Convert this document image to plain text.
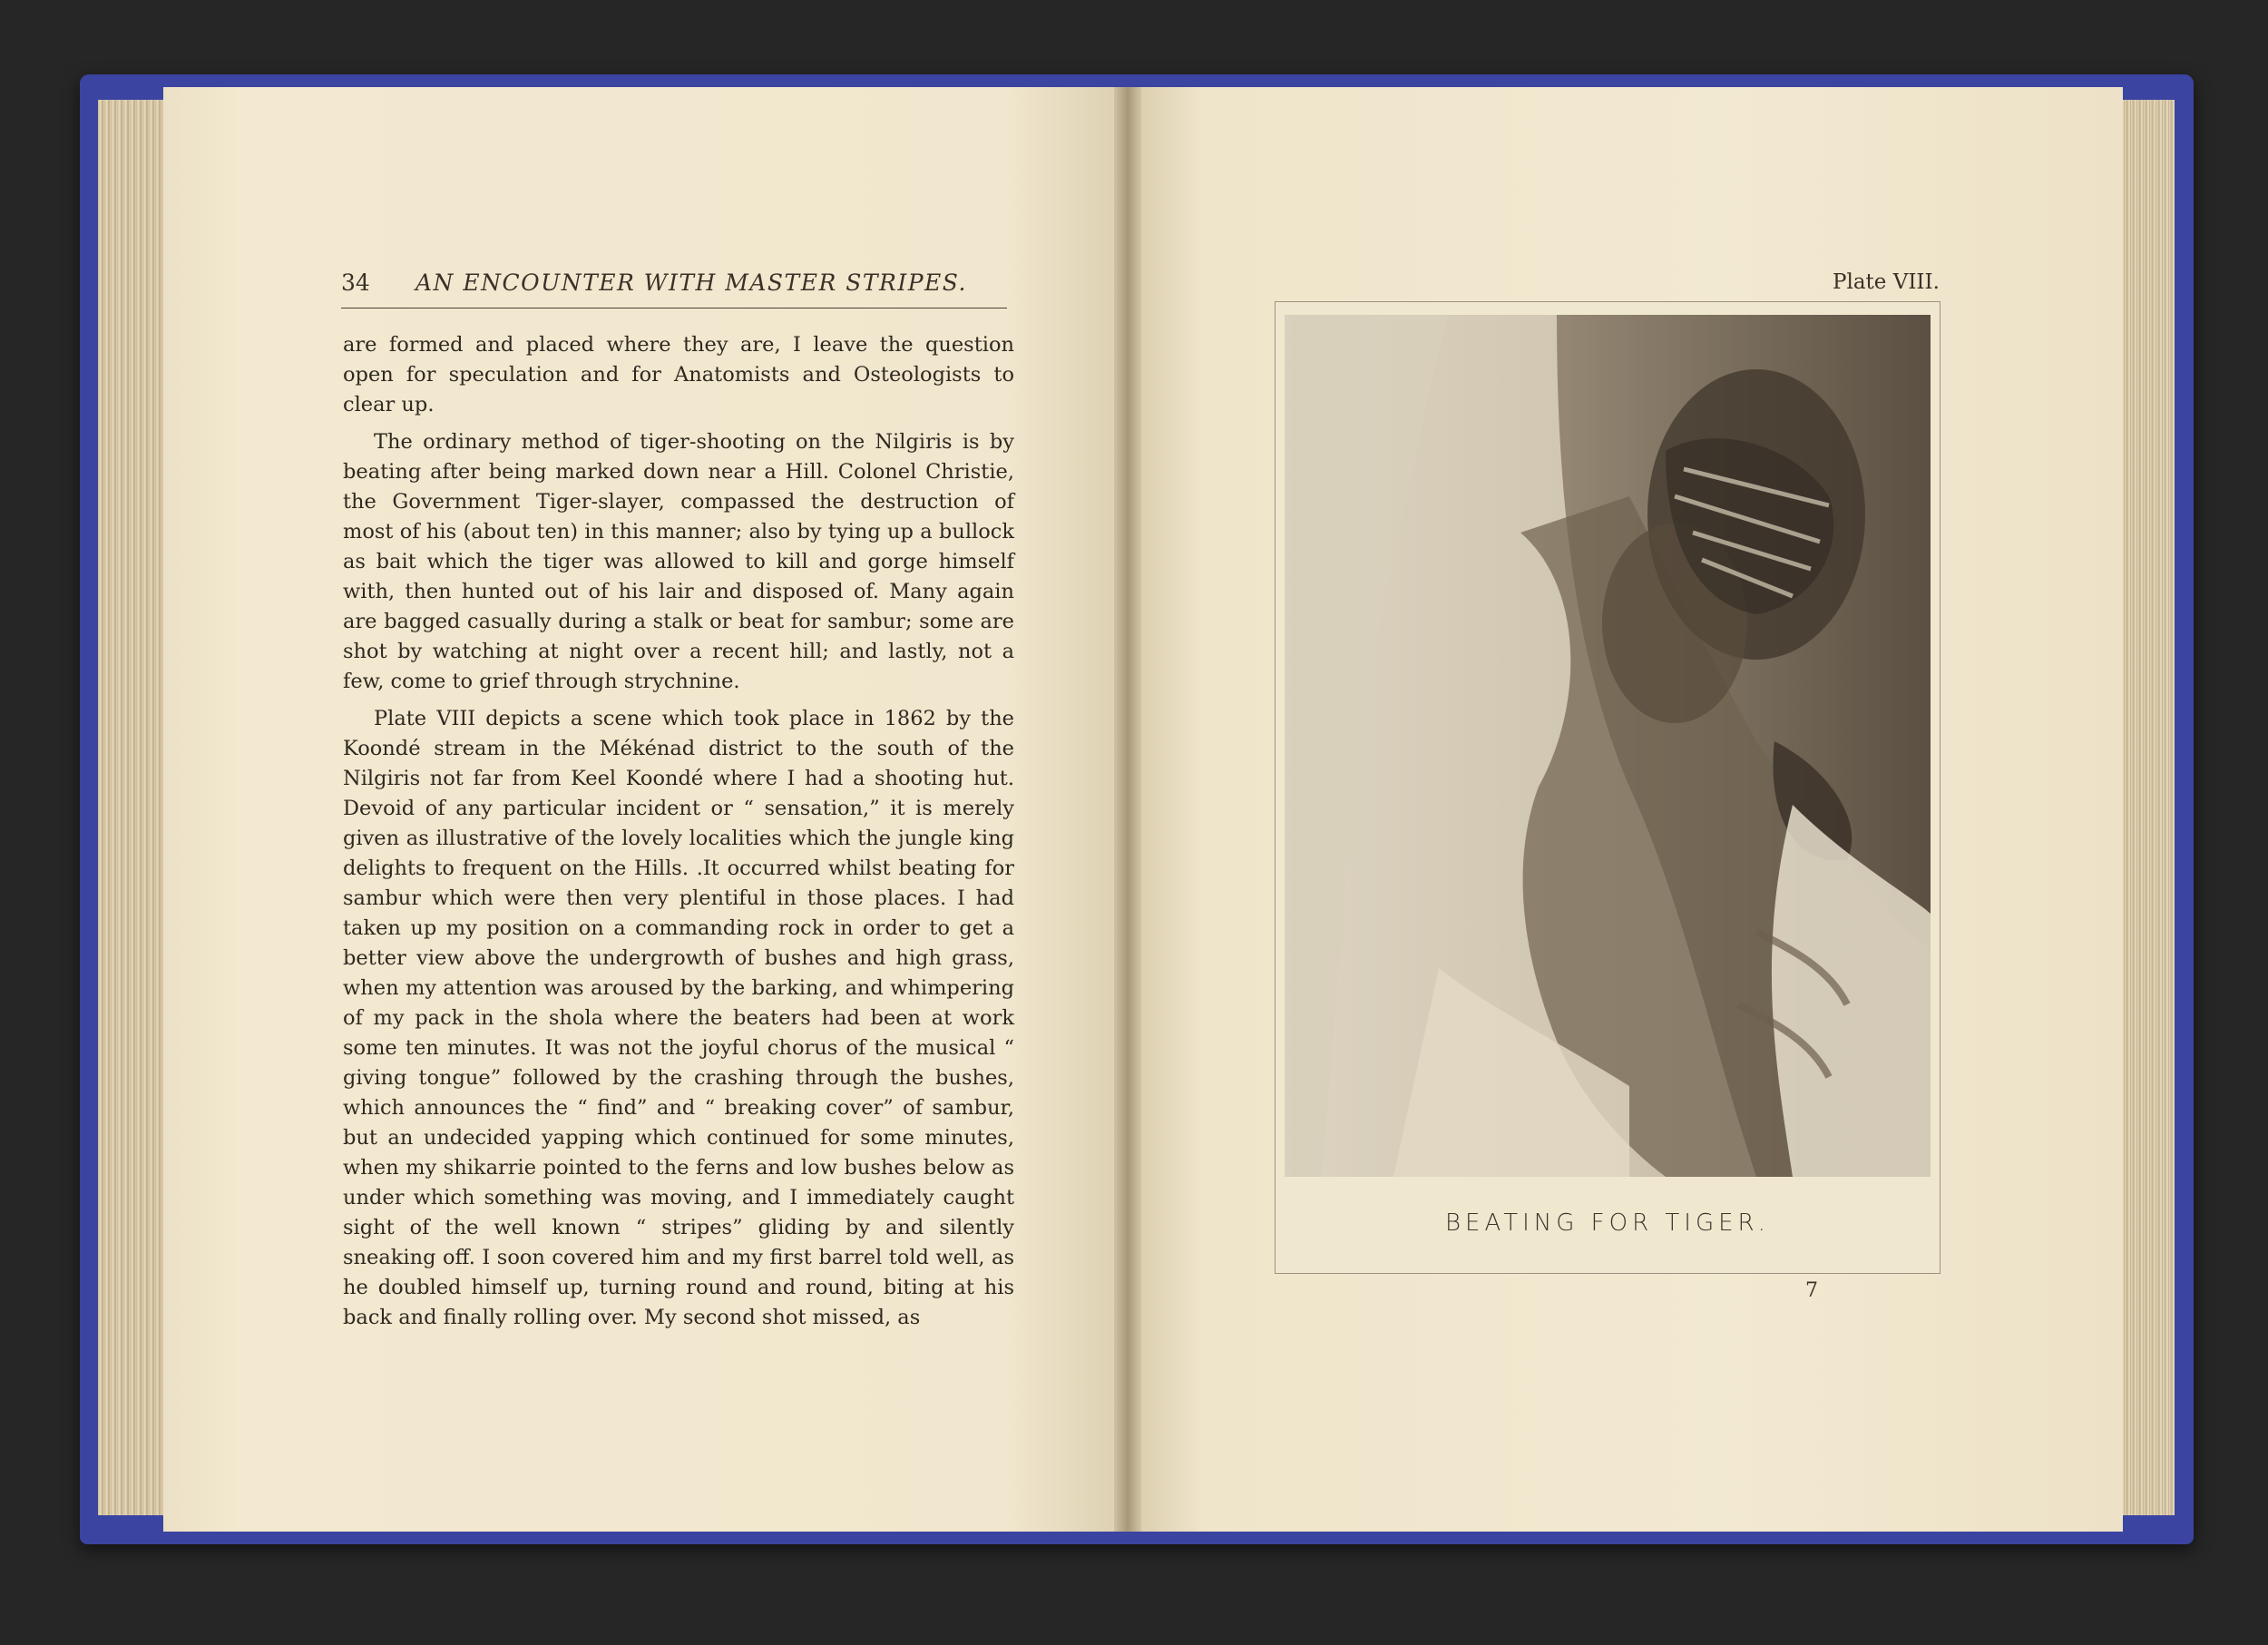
34 AN ENCOUNTER WITH MASTER STRIPES.

are formed and placed where they are, I leave the question open for speculation and for Anatomists and Osteologists to clear up.

The ordinary method of tiger-shooting on the Nilgiris is by beating after being marked down near a Hill. Colonel Christie, the Government Tiger-slayer, compassed the destruction of most of his (about ten) in this manner; also by tying up a bullock as bait which the tiger was allowed to kill and gorge himself with, then hunted out of his lair and disposed of. Many again are bagged casually during a stalk or beat for sambur; some are shot by watching at night over a recent hill; and lastly, not a few, come to grief through strychnine.

Plate VIII depicts a scene which took place in 1862 by the Koondé stream in the Mékénad district to the south of the Nilgiris not far from Keel Koondé where I had a shooting hut. Devoid of any particular incident or “ sensation,” it is merely given as illustrative of the lovely localities which the jungle king delights to frequent on the Hills. .It occurred whilst beating for sambur which were then very plentiful in those places. I had taken up my position on a commanding rock in order to get a better view above the undergrowth of bushes and high grass, when my attention was aroused by the barking, and whimpering of my pack in the shola where the beaters had been at work some ten minutes. It was not the joyful chorus of the musical “ giving tongue” followed by the crashing through the bushes, which announces the “ find” and “ breaking cover” of sambur, but an undecided yapping which continued for some minutes, when my shikarrie pointed to the ferns and low bushes below as under which something was moving, and I immediately caught sight of the well known “ stripes” gliding by and silently sneaking off. I soon covered him and my first barrel told well, as he doubled himself up, turning round and round, biting at his back and finally rolling over. My second shot missed, as

Plate VIII.
BEATING FOR TIGER.
7
